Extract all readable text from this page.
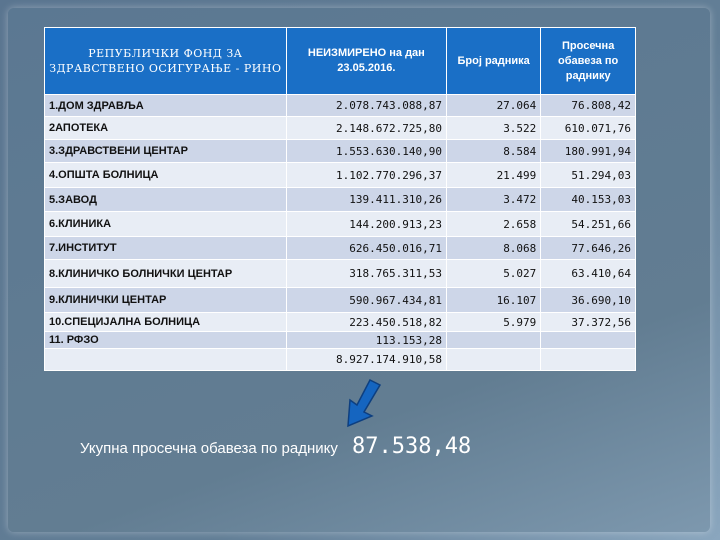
РЕПУБЛИЧКИ ФОНД ЗА ЗДРАВСТВЕНО ОСИГУРАЊЕ - РИНО	НЕИЗМИРЕНО на дан 23.05.2016.	Број радника	Просечна обавеза по раднику
1.ДОМ ЗДРАВЉА	2.078.743.088,87	27.064	76.808,42
2АПОТЕКА	2.148.672.725,80	3.522	610.071,76
3.ЗДРАВСТВЕНИ ЦЕНТАР	1.553.630.140,90	8.584	180.991,94
4.ОПШТА БОЛНИЦА	1.102.770.296,37	21.499	51.294,03
5.ЗАВОД	139.411.310,26	3.472	40.153,03
6.КЛИНИКА	144.200.913,23	2.658	54.251,66
7.ИНСТИТУТ	626.450.016,71	8.068	77.646,26
8.КЛИНИЧКО БОЛНИЧКИ ЦЕНТАР	318.765.311,53	5.027	63.410,64
9.КЛИНИЧКИ ЦЕНТАР	590.967.434,81	16.107	36.690,10
10.СПЕЦИЈАЛНА БОЛНИЦА	223.450.518,82	5.979	37.372,56
11. РФЗО	113.153,28		
	8.927.174.910,58		
Укупна просечна обавеза по раднику 87.538,48
